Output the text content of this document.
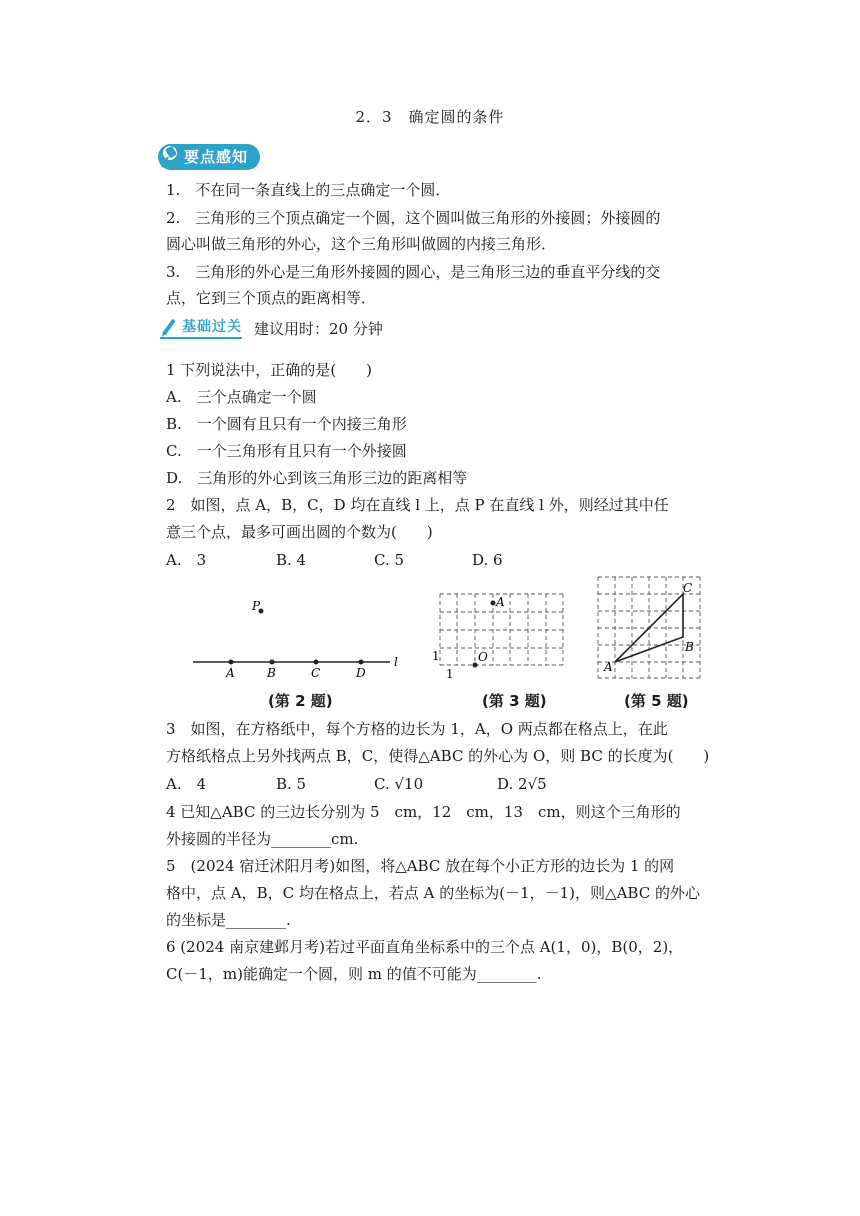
2．3　确定圆的条件
要点感知
1.　不在同一条直线上的三点确定一个圆．
2.　三角形的三个顶点确定一个圆，这个圆叫做三角形的外接圆；外接圆的
圆心叫做三角形的外心，这个三角形叫做圆的内接三角形．
3.　三角形的外心是三角形外接圆的圆心，是三角形三边的垂直平分线的交
点，它到三个顶点的距离相等．
基础过关 建议用时：20 分钟
1 下列说法中，正确的是(　　)
A.　三个点确定一个圆
B.　一个圆有且只有一个内接三角形
C.　一个三角形有且只有一个外接圆
D.　三角形的外心到该三角形三边的距离相等
2　如图，点 A，B，C，D 均在直线 l 上，点 P 在直线 l 外，则经过其中任
意三个点，最多可画出圆的个数为(　　)
A.　3	B. 4	C. 5	D. 6
P
A	B	C	D
l
(第 2 题)
A
O
1
1
(第 3 题)
A
B
C
(第 5 题)
3　如图，在方格纸中，每个方格的边长为 1，A，O 两点都在格点上，在此
方格纸格点上另外找两点 B，C，使得△ABC 的外心为 O，则 BC 的长度为(　　)
A.　4	B. 5	C. √10	D. 2√5
4 已知△ABC 的三边长分别为 5　cm，12　cm，13　cm，则这个三角形的
外接圆的半径为________cm.
5　(2024 宿迁沭阳月考)如图，将△ABC 放在每个小正方形的边长为 1 的网
格中，点 A，B，C 均在格点上，若点 A 的坐标为(－1，－1)，则△ABC 的外心
的坐标是________.
6 (2024 南京建邺月考)若过平面直角坐标系中的三个点 A(1，0)，B(0，2)，
C(－1，m)能确定一个圆，则 m 的值不可能为________.
